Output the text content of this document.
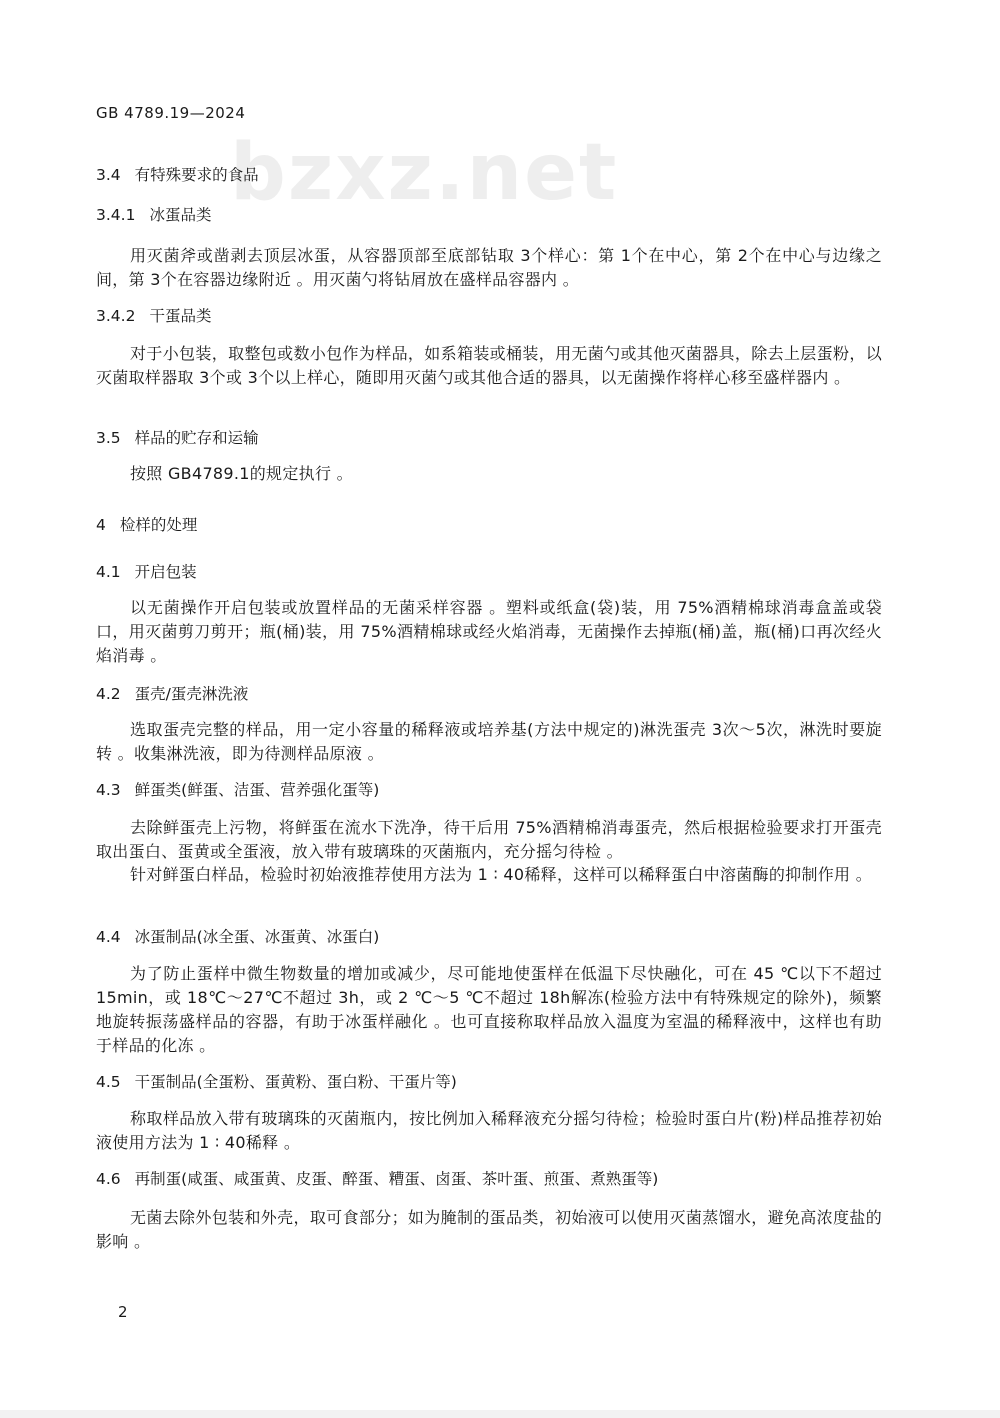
GB 4789.19—2024
bzxz.net
3.4 有特殊要求的食品
3.4.1 冰蛋品类
用灭菌斧或凿剥去顶层冰蛋，从容器顶部至底部钻取 3个样心：第 1个在中心，第 2个在中心与边缘之间，第 3个在容器边缘附近 。用灭菌勺将钻屑放在盛样品容器内 。
3.4.2 干蛋品类
对于小包装，取整包或数小包作为样品，如系箱装或桶装，用无菌勺或其他灭菌器具，除去上层蛋粉，以灭菌取样器取 3个或 3个以上样心，随即用灭菌勺或其他合适的器具，以无菌操作将样心移至盛样器内 。
3.5 样品的贮存和运输
按照 GB4789.1的规定执行 。
4 检样的处理
4.1 开启包装
以无菌操作开启包装或放置样品的无菌采样容器 。塑料或纸盒(袋)装，用 75%酒精棉球消毒盒盖或袋口，用灭菌剪刀剪开；瓶(桶)装，用 75%酒精棉球或经火焰消毒，无菌操作去掉瓶(桶)盖，瓶(桶)口再次经火焰消毒 。
4.2 蛋壳/蛋壳淋洗液
选取蛋壳完整的样品，用一定小容量的稀释液或培养基(方法中规定的)淋洗蛋壳 3次～5次，淋洗时要旋转 。收集淋洗液，即为待测样品原液 。
4.3 鲜蛋类(鲜蛋、洁蛋、营养强化蛋等)
去除鲜蛋壳上污物，将鲜蛋在流水下洗净，待干后用 75%酒精棉消毒蛋壳，然后根据检验要求打开蛋壳取出蛋白、蛋黄或全蛋液，放入带有玻璃珠的灭菌瓶内，充分摇匀待检 。
针对鲜蛋白样品，检验时初始液推荐使用方法为 1 ∶ 40稀释，这样可以稀释蛋白中溶菌酶的抑制作用 。
4.4 冰蛋制品(冰全蛋、冰蛋黄、冰蛋白)
为了防止蛋样中微生物数量的增加或减少，尽可能地使蛋样在低温下尽快融化，可在 45 ℃以下不超过 15min，或 18℃～27℃不超过 3h，或 2 ℃～5 ℃不超过 18h解冻(检验方法中有特殊规定的除外)，频繁地旋转振荡盛样品的容器，有助于冰蛋样融化 。也可直接称取样品放入温度为室温的稀释液中，这样也有助于样品的化冻 。
4.5 干蛋制品(全蛋粉、蛋黄粉、蛋白粉、干蛋片等)
称取样品放入带有玻璃珠的灭菌瓶内，按比例加入稀释液充分摇匀待检；检验时蛋白片(粉)样品推荐初始液使用方法为 1 ∶ 40稀释 。
4.6 再制蛋(咸蛋、咸蛋黄、皮蛋、醉蛋、糟蛋、卤蛋、茶叶蛋、煎蛋、煮熟蛋等)
无菌去除外包装和外壳，取可食部分；如为腌制的蛋品类，初始液可以使用灭菌蒸馏水，避免高浓度盐的影响 。
2
